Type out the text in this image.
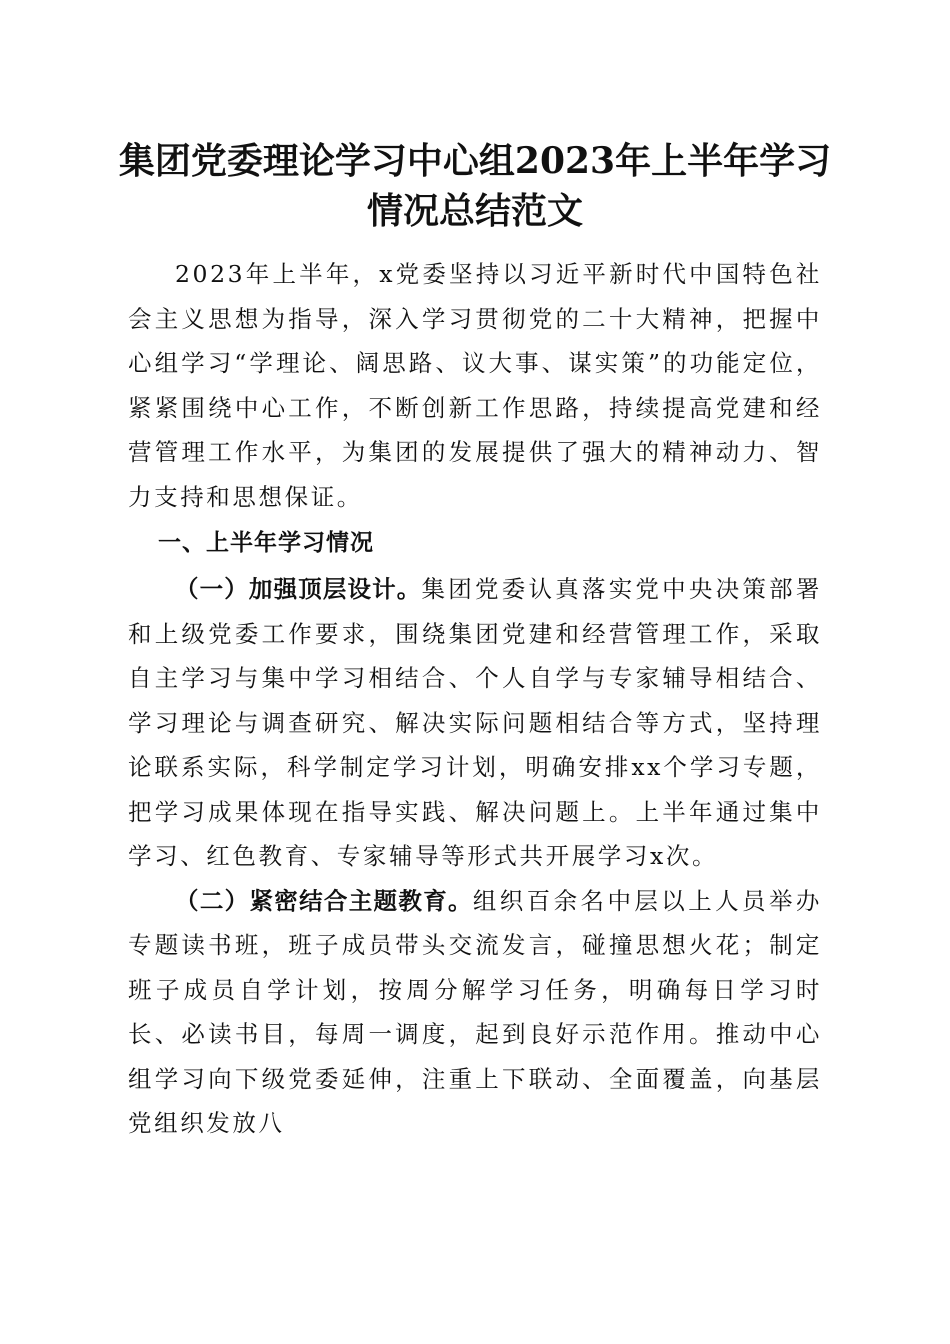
集团党委理论学习中心组2023年上半年学习
情况总结范文

2023年上半年，x党委坚持以习近平新时代中国特色社会主义思想为指导，深入学习贯彻党的二十大精神，把握中心组学习“学理论、阔思路、议大事、谋实策”的功能定位，紧紧围绕中心工作，不断创新工作思路，持续提高党建和经营管理工作水平，为集团的发展提供了强大的精神动力、智力支持和思想保证。

一、上半年学习情况

（一）加强顶层设计。集团党委认真落实党中央决策部署和上级党委工作要求，围绕集团党建和经营管理工作，采取自主学习与集中学习相结合、个人自学与专家辅导相结合、学习理论与调查研究、解决实际问题相结合等方式，坚持理论联系实际，科学制定学习计划，明确安排xx个学习专题，把学习成果体现在指导实践、解决问题上。上半年通过集中学习、红色教育、专家辅导等形式共开展学习x次。

（二）紧密结合主题教育。组织百余名中层以上人员举办专题读书班，班子成员带头交流发言，碰撞思想火花；制定班子成员自学计划，按周分解学习任务，明确每日学习时长、必读书目，每周一调度，起到良好示范作用。推动中心组学习向下级党委延伸，注重上下联动、全面覆盖，向基层党组织发放八
